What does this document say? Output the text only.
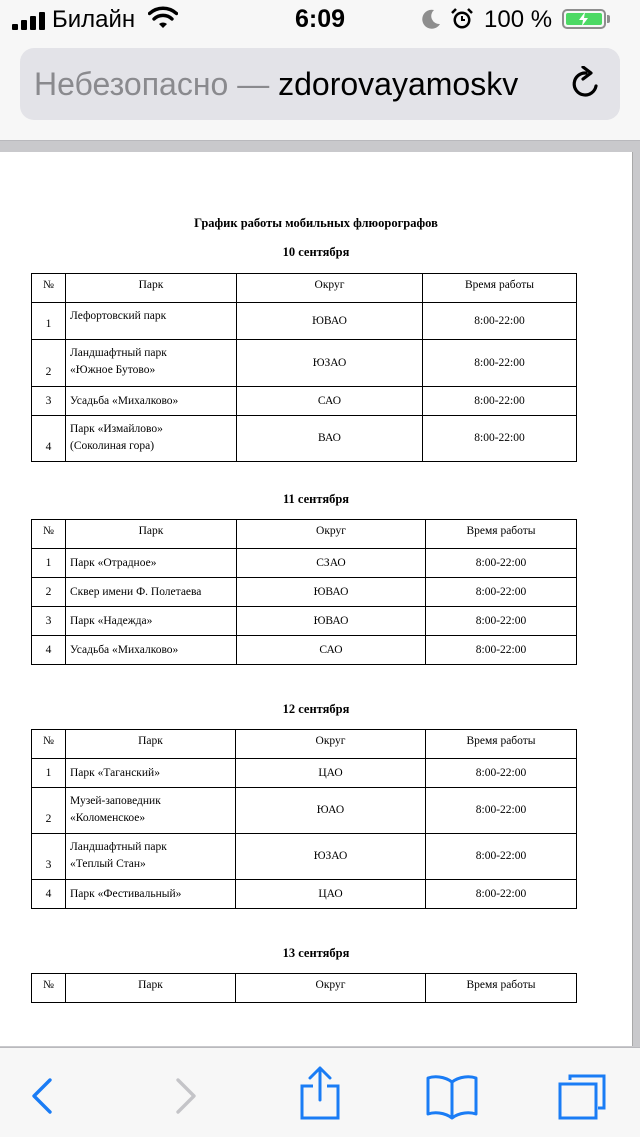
Билайн	6:09	100 %
Небезопасно — zdorovayamoskv
График работы мобильных флюорографов
10 сентября
№	Парк	Округ	Время работы
1	Лефортовский парк	ЮВАО	8:00-22:00
2	Ландшафтный парк
«Южное Бутово»	ЮЗАО	8:00-22:00
3	Усадьба «Михалково»	САО	8:00-22:00
4	Парк «Измайлово»
(Соколиная гора)	ВАО	8:00-22:00
11 сентября
№	Парк	Округ	Время работы
1	Парк «Отрадное»	СЗАО	8:00-22:00
2	Сквер имени Ф. Полетаева	ЮВАО	8:00-22:00
3	Парк «Надежда»	ЮВАО	8:00-22:00
4	Усадьба «Михалково»	САО	8:00-22:00
12 сентября
№	Парк	Округ	Время работы
1	Парк «Таганский»	ЦАО	8:00-22:00
2	Музей-заповедник
«Коломенское»	ЮАО	8:00-22:00
3	Ландшафтный парк
«Теплый Стан»	ЮЗАО	8:00-22:00
4	Парк «Фестивальный»	ЦАО	8:00-22:00
13 сентября
№	Парк	Округ	Время работы
